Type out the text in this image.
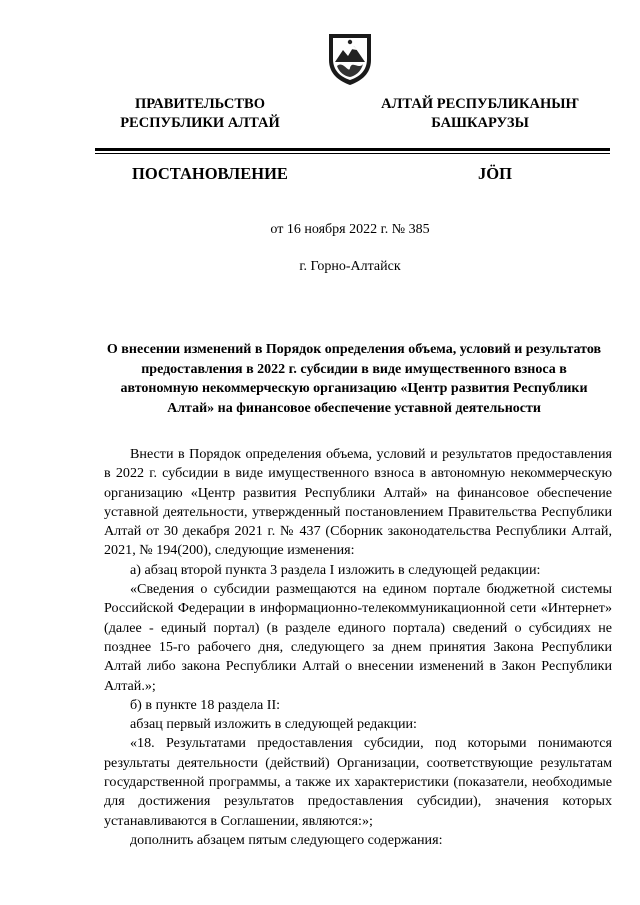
ПРАВИТЕЛЬСТВО
РЕСПУБЛИКИ АЛТАЙ
АЛТАЙ РЕСПУБЛИКАНЫҤ
БАШКАРУЗЫ
ПОСТАНОВЛЕНИЕ	JӦП
от 16 ноября 2022 г. № 385
г. Горно-Алтайск
О внесении изменений в Порядок определения объема, условий и результатов предоставления в 2022 г. субсидии в виде имущественного взноса в автономную некоммерческую организацию «Центр развития Республики Алтай» на финансовое обеспечение уставной деятельности

Внести в Порядок определения объема, условий и результатов предоставления в 2022 г. субсидии в виде имущественного взноса в автономную некоммерческую организацию «Центр развития Республики Алтай» на финансовое обеспечение уставной деятельности, утвержденный постановлением Правительства Республики Алтай от 30 декабря 2021 г. № 437 (Сборник законодательства Республики Алтай, 2021, № 194(200), следующие изменения:

а) абзац второй пункта 3 раздела I изложить в следующей редакции:

«Сведения о субсидии размещаются на едином портале бюджетной системы Российской Федерации в информационно-телекоммуникационной сети «Интернет» (далее - единый портал) (в разделе единого портала) сведений о субсидиях не позднее 15-го рабочего дня, следующего за днем принятия Закона Республики Алтай либо закона Республики Алтай о внесении изменений в Закон Республики Алтай.»;

б) в пункте 18 раздела II:

абзац первый изложить в следующей редакции:

«18. Результатами предоставления субсидии, под которыми понимаются результаты деятельности (действий) Организации, соответствующие результатам государственной программы, а также их характеристики (показатели, необходимые для достижения результатов предоставления субсидии), значения которых устанавливаются в Соглашении, являются:»;

дополнить абзацем пятым следующего содержания:
